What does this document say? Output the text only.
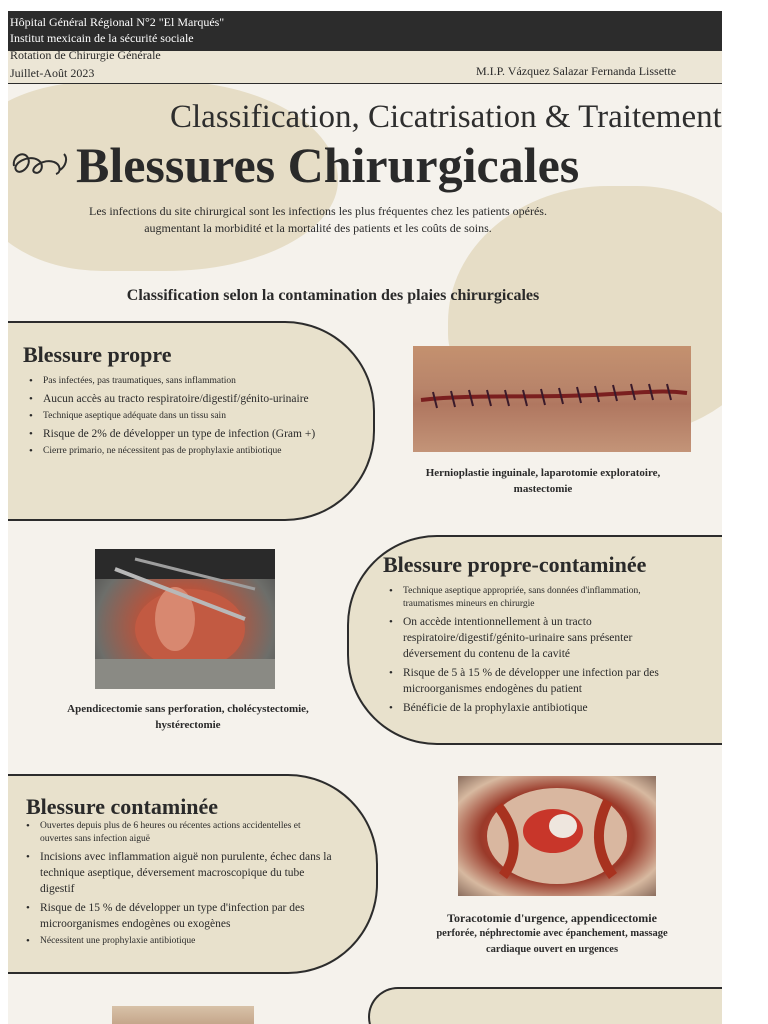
Hôpital Général Régional N°2 "El Marqués"
Institut mexicain de la sécurité sociale
Rotation de Chirurgie Générale
Juillet-Août 2023	M.I.P. Vázquez Salazar Fernanda Lissette
Classification, Cicatrisation & Traitement
Blessures Chirurgicales
Les infections du site chirurgical sont les infections les plus fréquentes chez les patients opérés.
augmentant la morbidité et la mortalité des patients et les coûts de soins.
Classification selon la contamination des plaies chirurgicales
Blessure propre
• Pas infectées, pas traumatiques, sans inflammation
• Aucun accès au tracto respiratoire/digestif/génito-urinaire
• Technique aseptique adéquate dans un tissu sain
• Risque de 2% de développer un type de infection (Gram +)
• Cierre primario, ne nécessitent pas de prophylaxie antibiotique
Hernioplastie inguinale, laparotomie exploratoire,
mastectomie
Apendicectomie sans perforation, cholécystectomie,
hystérectomie
Blessure propre-contaminée
• Technique aseptique appropriée, sans données d'inflammation, traumatismes mineurs en chirurgie
• On accède intentionnellement à un tracto respiratoire/digestif/génito-urinaire sans présenter déversement du contenu de la cavité
• Risque de 5 à 15 % de développer une infection par des microorganismes endogènes du patient
• Bénéficie de la prophylaxie antibiotique
Blessure contaminée
• Ouvertes depuis plus de 6 heures ou récentes actions accidentelles et ouvertes sans infection aiguë
• Incisions avec inflammation aiguë non purulente, échec dans la technique aseptique, déversement macroscopique du tube digestif
• Risque de 15 % de développer un type d'infection par des microorganismes endogènes ou exogènes
• Nécessitent une prophylaxie antibiotique
Toracotomie d'urgence, appendicectomie
perforée, néphrectomie avec épanchement, massage
cardiaque ouvert en urgences
